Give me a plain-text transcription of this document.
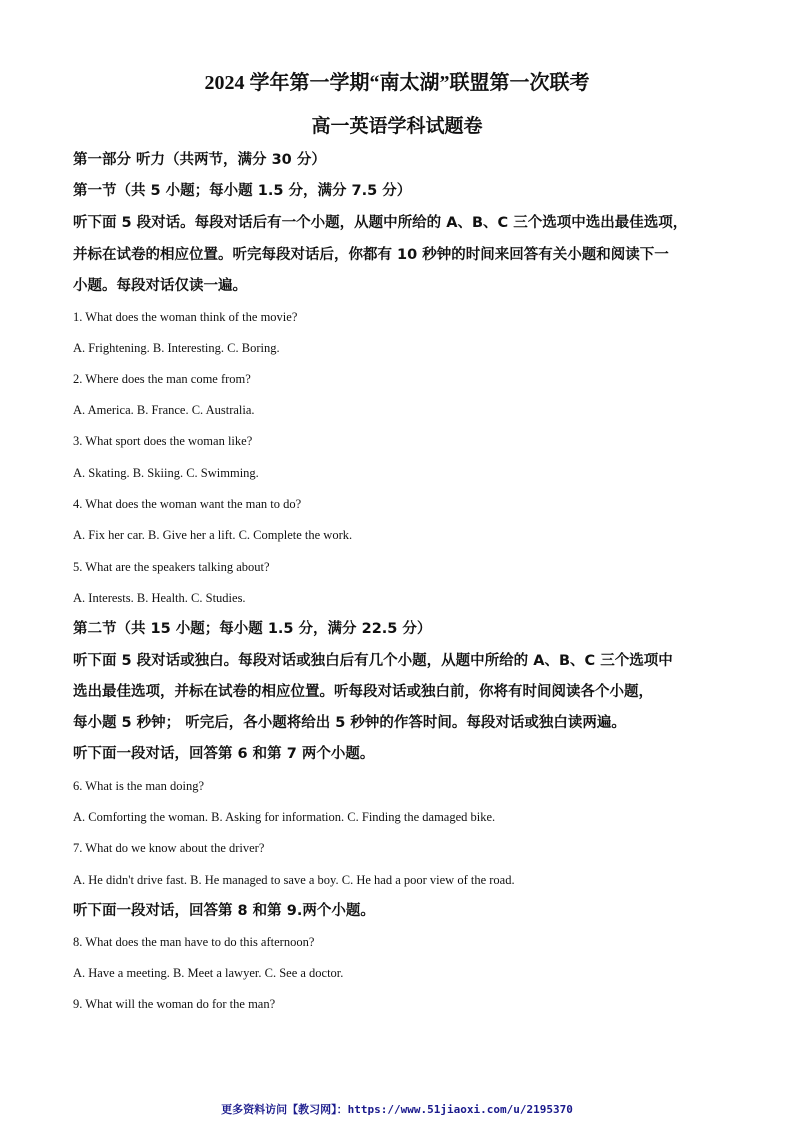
2024 学年第一学期“南太湖”联盟第一次联考
高一英语学科试题卷
第一部分 听力（共两节，满分 30 分）
第一节（共 5 小题；每小题 1.5 分，满分 7.5 分）
听下面 5 段对话。每段对话后有一个小题，从题中所给的 A、B、C 三个选项中选出最佳选项，
并标在试卷的相应位置。听完每段对话后，你都有 10 秒钟的时间来回答有关小题和阅读下一
小题。每段对话仅读一遍。
1. What does the woman think of the movie?
A. Frightening. B. Interesting. C. Boring.
2. Where does the man come from?
A. America. B. France. C. Australia.
3. What sport does the woman like?
A. Skating. B. Skiing. C. Swimming.
4. What does the woman want the man to do?
A. Fix her car. B. Give her a lift. C. Complete the work.
5. What are the speakers talking about?
A. Interests. B. Health. C. Studies.
第二节（共 15 小题；每小题 1.5 分，满分 22.5 分）
听下面 5 段对话或独白。每段对话或独白后有几个小题，从题中所给的 A、B、C 三个选项中
选出最佳选项，并标在试卷的相应位置。听每段对话或独白前，你将有时间阅读各个小题，
每小题 5 秒钟； 听完后，各小题将给出 5 秒钟的作答时间。每段对话或独白读两遍。
听下面一段对话，回答第 6 和第 7 两个小题。
6. What is the man doing?
A. Comforting the woman. B. Asking for information. C. Finding the damaged bike.
7. What do we know about the driver?
A. He didn't drive fast. B. He managed to save a boy. C. He had a poor view of the road.
听下面一段对话，回答第 8 和第 9.两个小题。
8. What does the man have to do this afternoon?
A. Have a meeting. B. Meet a lawyer. C. See a doctor.
9. What will the woman do for the man?
更多资料访问【教习网】：https://www.51jiaoxi.com/u/2195370
